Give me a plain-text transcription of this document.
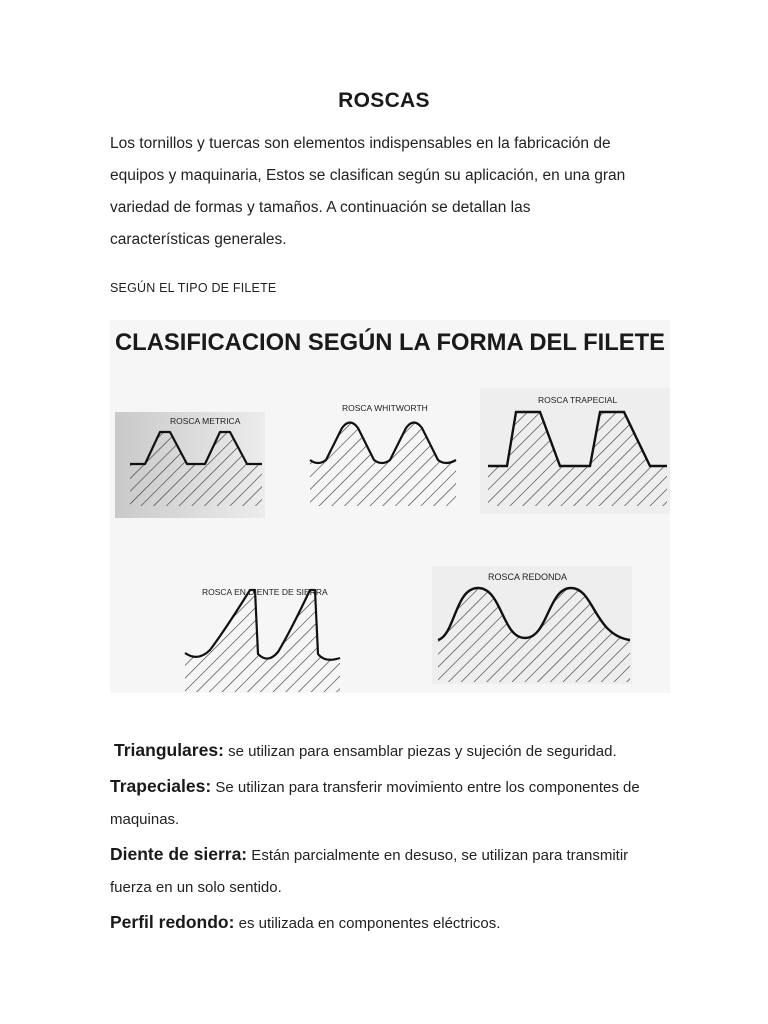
ROSCAS

Los tornillos y tuercas son elementos indispensables en la fabricación de

equipos y maquinaria, Estos se clasifican según su aplicación, en una gran

variedad de formas y tamaños. A continuación se detallan las

características generales.

SEGÚN EL TIPO DE FILETE
CLASIFICACION SEGÚN LA FORMA DEL FILETE
ROSCA METRICA
ROSCA WHITWORTH
ROSCA TRAPECIAL
ROSCA EN DIENTE DE SIERRA
ROSCA REDONDA

Triangulares: se utilizan para ensamblar piezas y sujeción de seguridad.

Trapeciales: Se utilizan para transferir movimiento entre los componentes de maquinas.

Diente de sierra: Están parcialmente en desuso, se utilizan para transmitir fuerza en un solo sentido.

Perfil redondo: es utilizada en componentes eléctricos.
